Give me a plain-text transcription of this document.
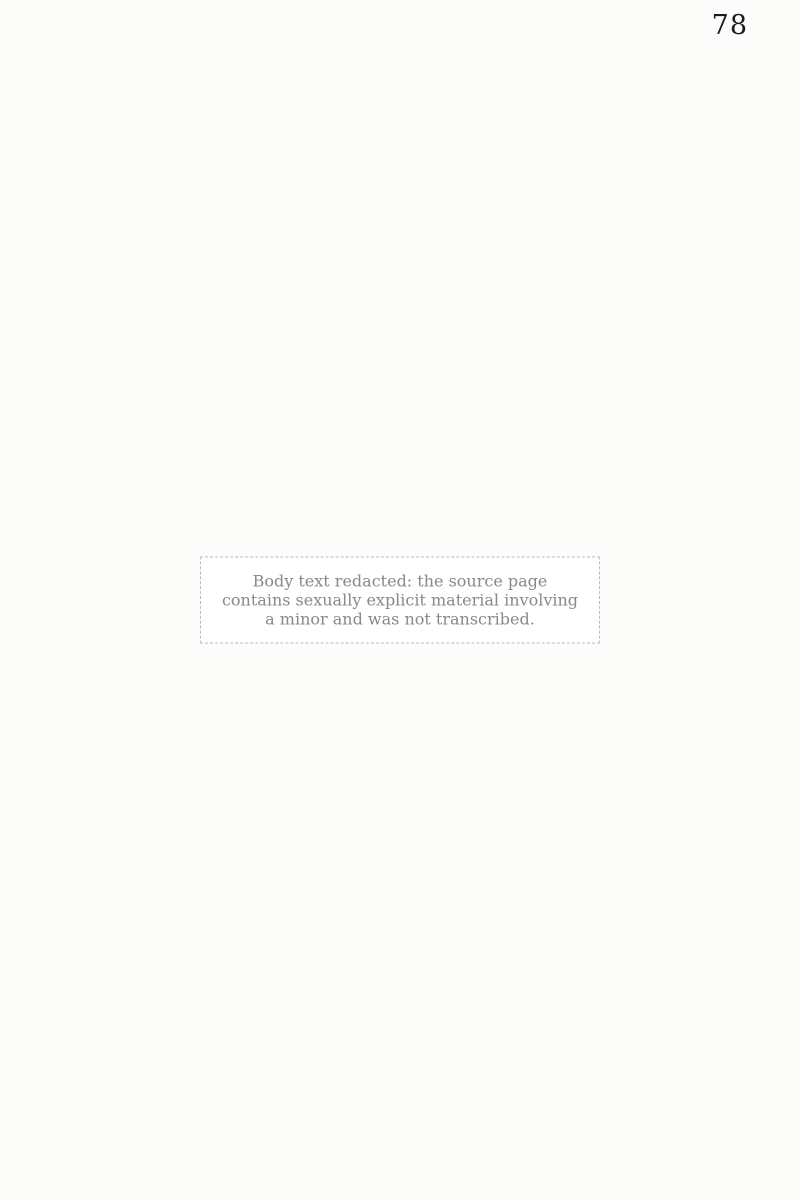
78
Body text redacted: the source page contains sexually explicit material involving a minor and was not transcribed.
